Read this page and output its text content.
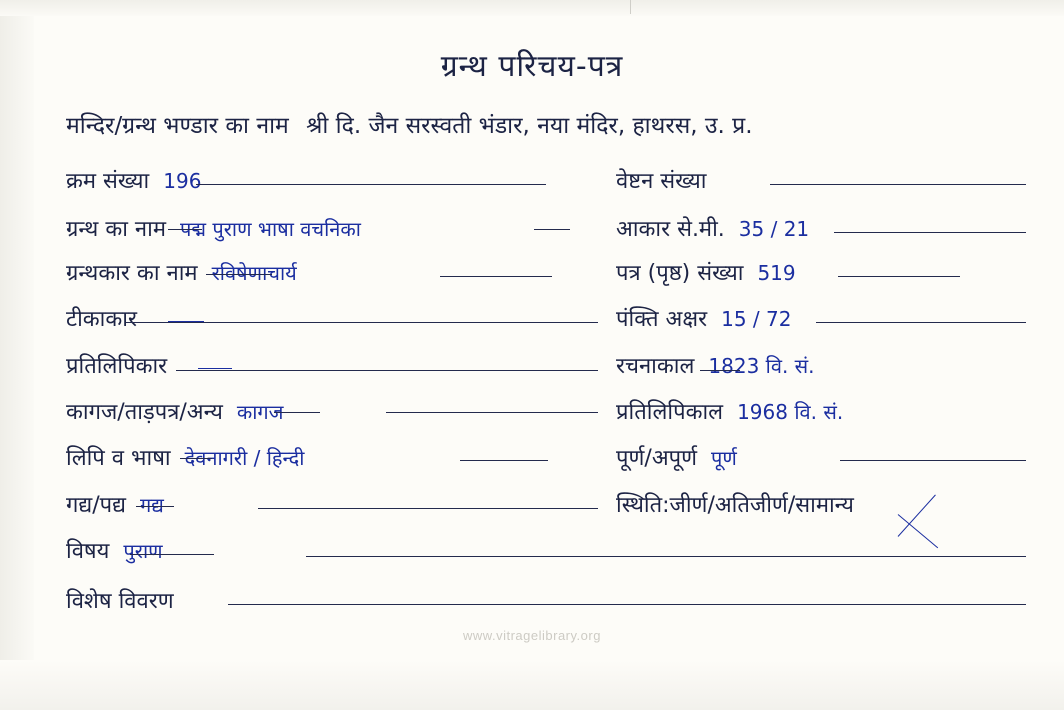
ग्रन्थ परिचय-पत्र
मन्दिर/ग्रन्थ भण्डार का नाम श्री दि. जैन सरस्वती भंडार, नया मंदिर, हाथरस, उ. प्र.
क्रम संख्या 196	वेष्टन संख्या
ग्रन्थ का नाम पद्म पुराण भाषा वचनिका	आकार से.मी. 35 / 21
ग्रन्थकार का नाम रविषेणाचार्य	पत्र (पृष्ठ) संख्या 519
टीकाकार	पंक्ति अक्षर 15 / 72
प्रतिलिपिकार	रचनाकाल 1823 वि. सं.
कागज/ताड़पत्र/अन्य कागज	प्रतिलिपिकाल 1968 वि. सं.
लिपि व भाषा देवनागरी / हिन्दी	पूर्ण/अपूर्ण पूर्ण
गद्य/पद्य गद्य	स्थिति:जीर्ण/अतिजीर्ण/सामान्य
विषय पुराण
विशेष विवरण
www.vitragelibrary.org
